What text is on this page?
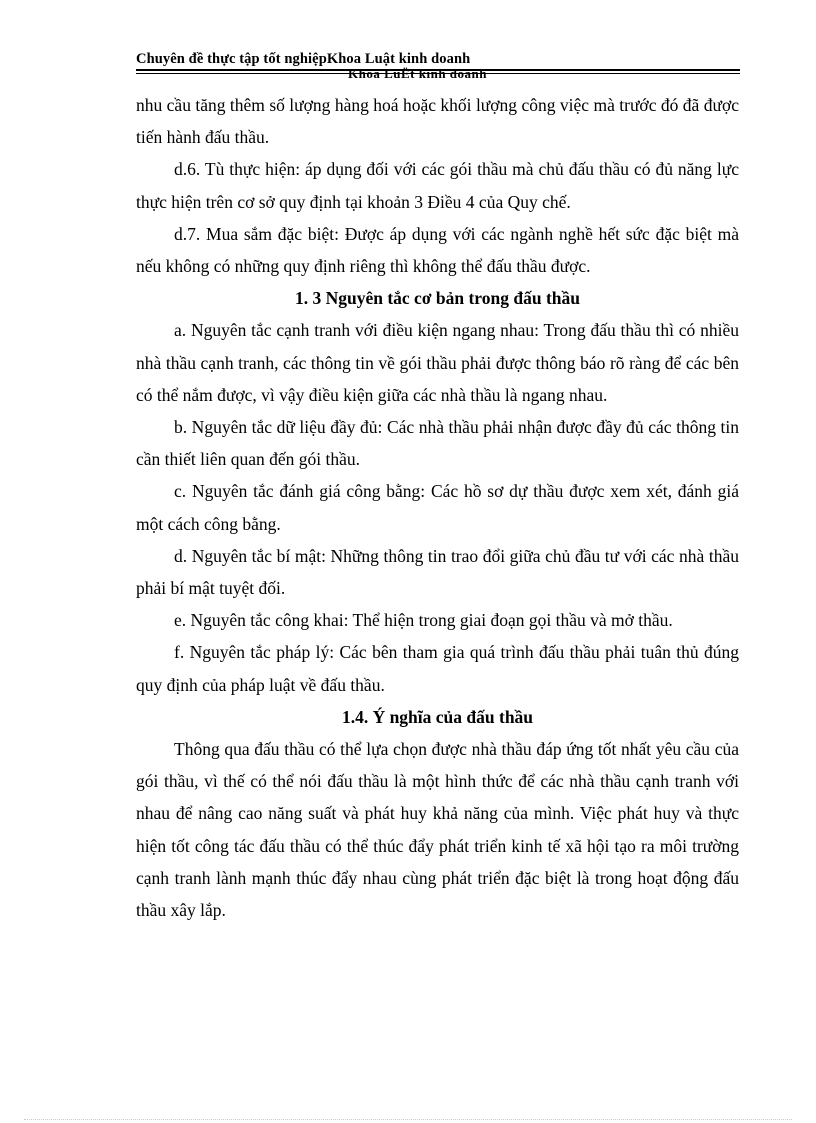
Chuyên đề thực tập tốt nghiệpKhoa Luật kinh doanh
Khoa LuËt kinh doanh

nhu cầu tăng thêm số lượng hàng hoá hoặc khối lượng công việc mà trước đó đã được tiến hành đấu thầu.

d.6. Tù thực hiện: áp dụng đối với các gói thầu mà chủ đấu thầu có đủ năng lực thực hiện trên cơ sở quy định tại khoản 3 Điều 4 của Quy chế.

d.7. Mua sắm đặc biệt: Được áp dụng với các ngành nghề hết sức đặc biệt mà nếu không có những quy định riêng thì không thể đấu thầu được.

1. 3 Nguyên tắc cơ bản trong đấu thầu

a. Nguyên tắc cạnh tranh với điều kiện ngang nhau: Trong đấu thầu thì có nhiều nhà thầu cạnh tranh, các thông tin về gói thầu phải được thông báo rõ ràng để các bên có thể nắm được, vì vậy điều kiện giữa các nhà thầu là ngang nhau.

b. Nguyên tắc dữ liệu đầy đủ: Các nhà thầu phải nhận được đầy đủ các thông tin cần thiết liên quan đến gói thầu.

c. Nguyên tắc đánh giá công bằng: Các hồ sơ dự thầu được xem xét, đánh giá một cách công bằng.

d. Nguyên tắc bí mật: Những thông tin trao đổi giữa chủ đầu tư với các nhà thầu phải bí mật tuyệt đối.

e. Nguyên tắc công khai: Thể hiện trong giai đoạn gọi thầu và mở thầu.

f. Nguyên tắc pháp lý: Các bên tham gia quá trình đấu thầu phải tuân thủ đúng quy định của pháp luật về đấu thầu.

1.4. Ý nghĩa của đấu thầu

Thông qua đấu thầu có thể lựa chọn được nhà thầu đáp ứng tốt nhất yêu cầu của gói thầu, vì thế có thể nói đấu thầu là một hình thức để các nhà thầu cạnh tranh với nhau để nâng cao năng suất và phát huy khả năng của mình. Việc phát huy và thực hiện tốt công tác đấu thầu có thể thúc đẩy phát triển kinh tế xã hội tạo ra môi trường cạnh tranh lành mạnh thúc đẩy nhau cùng phát triển đặc biệt là trong hoạt động đấu thầu xây lắp.
